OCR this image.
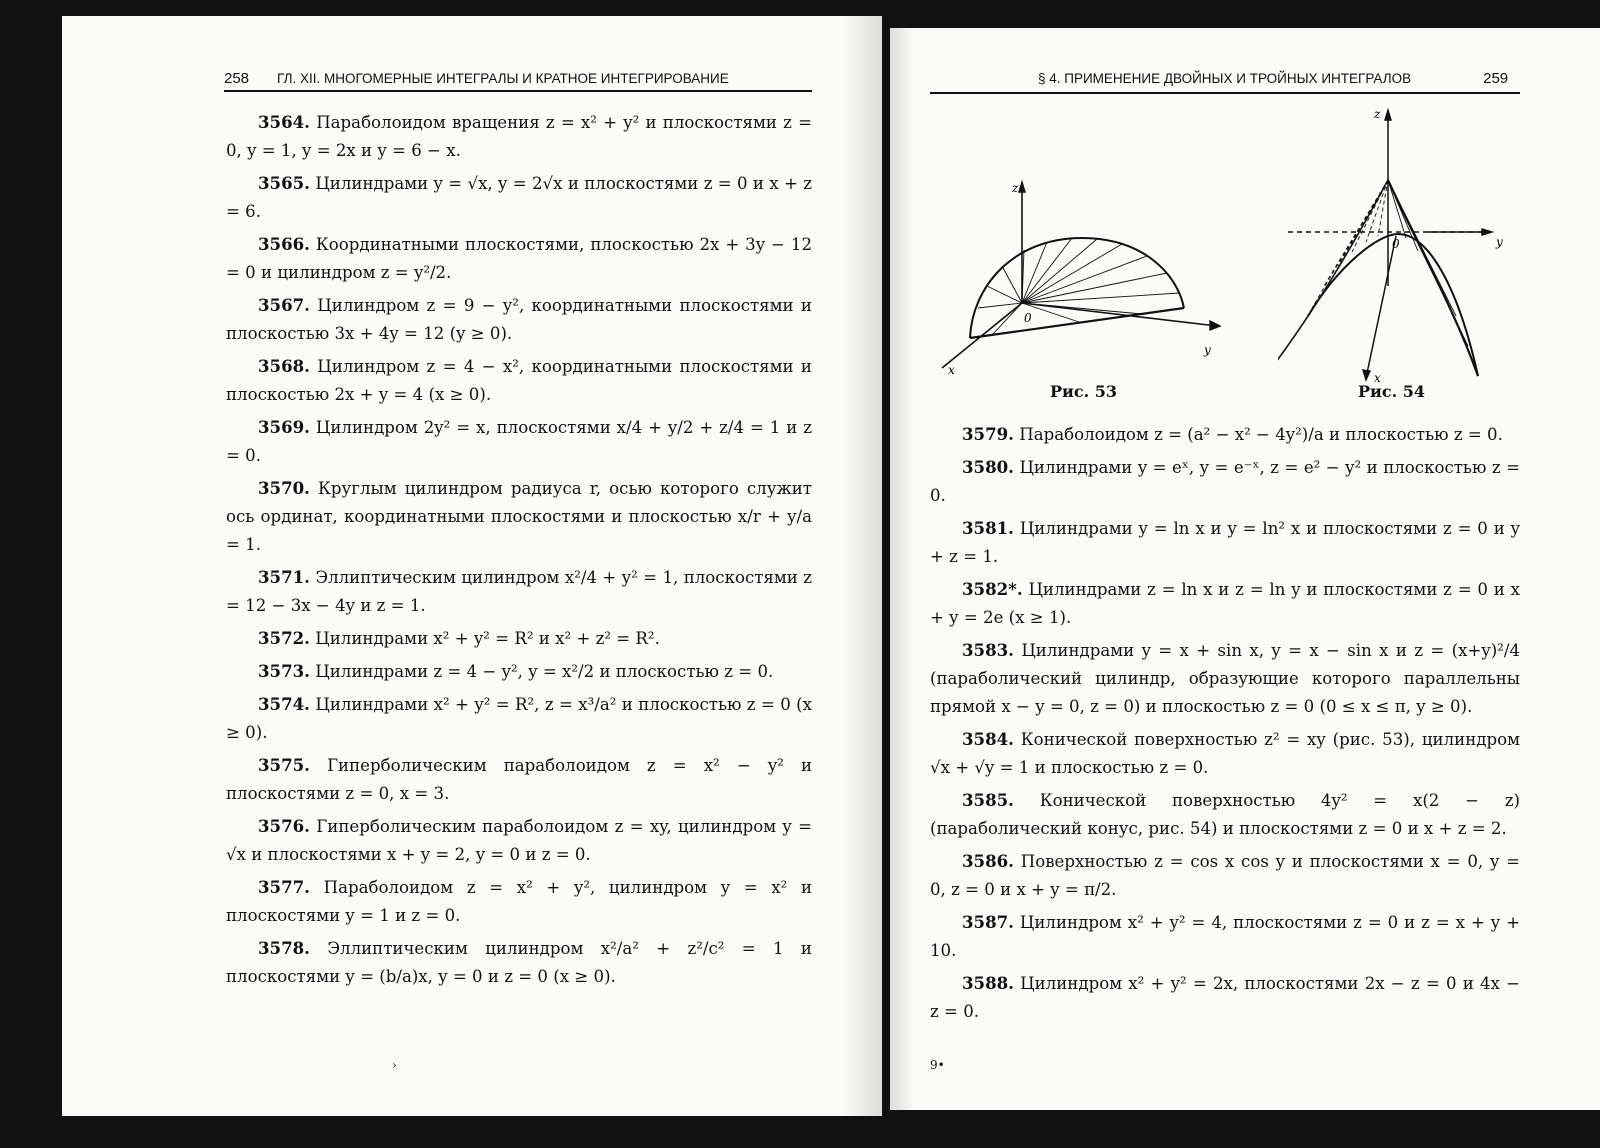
258 ГЛ. XII. МНОГОМЕРНЫЕ ИНТЕГРАЛЫ И КРАТНОЕ ИНТЕГРИРОВАНИЕ

3564. Параболоидом вращения z = x² + y² и плоскостями z = 0, y = 1, y = 2x и y = 6 − x.

3565. Цилиндрами y = √x, y = 2√x и плоскостями z = 0 и x + z = 6.

3566. Координатными плоскостями, плоскостью 2x + 3y − 12 = 0 и цилиндром z = y²/2.

3567. Цилиндром z = 9 − y², координатными плоскостями и плоскостью 3x + 4y = 12 (y ≥ 0).

3568. Цилиндром z = 4 − x², координатными плоскостями и плоскостью 2x + y = 4 (x ≥ 0).

3569. Цилиндром 2y² = x, плоскостями x/4 + y/2 + z/4 = 1 и z = 0.

3570. Круглым цилиндром радиуса r, осью которого служит ось ординат, координатными плоскостями и плоскостью x/r + y/a = 1.

3571. Эллиптическим цилиндром x²/4 + y² = 1, плоскостями z = 12 − 3x − 4y и z = 1.

3572. Цилиндрами x² + y² = R² и x² + z² = R².

3573. Цилиндрами z = 4 − y², y = x²/2 и плоскостью z = 0.

3574. Цилиндрами x² + y² = R², z = x³/a² и плоскостью z = 0 (x ≥ 0).

3575. Гиперболическим параболоидом z = x² − y² и плоскостями z = 0, x = 3.

3576. Гиперболическим параболоидом z = xy, цилиндром y = √x и плоскостями x + y = 2, y = 0 и z = 0.

3577. Параболоидом z = x² + y², цилиндром y = x² и плоскостями y = 1 и z = 0.

3578. Эллиптическим цилиндром x²/a² + z²/c² = 1 и плоскостями y = (b/a)x, y = 0 и z = 0 (x ≥ 0).

›
§ 4. ПРИМЕНЕНИЕ ДВОЙНЫХ И ТРОЙНЫХ ИНТЕГРАЛОВ	259
z
0
y
x
Рис. 53
z
0	y
x
Рис. 54

3579. Параболоидом z = (a² − x² − 4y²)/a и плоскостью z = 0.

3580. Цилиндрами y = eˣ, y = e⁻ˣ, z = e² − y² и плоскостью z = 0.

3581. Цилиндрами y = ln x и y = ln² x и плоскостями z = 0 и y + z = 1.

3582*. Цилиндрами z = ln x и z = ln y и плоскостями z = 0 и x + y = 2e (x ≥ 1).

3583. Цилиндрами y = x + sin x, y = x − sin x и z = (x+y)²/4 (параболический цилиндр, образующие которого параллельны прямой x − y = 0, z = 0) и плоскостью z = 0 (0 ≤ x ≤ π, y ≥ 0).

3584. Конической поверхностью z² = xy (рис. 53), цилиндром √x + √y = 1 и плоскостью z = 0.

3585. Конической поверхностью 4y² = x(2 − z) (параболический конус, рис. 54) и плоскостями z = 0 и x + z = 2.

3586. Поверхностью z = cos x cos y и плоскостями x = 0, y = 0, z = 0 и x + y = π/2.

3587. Цилиндром x² + y² = 4, плоскостями z = 0 и z = x + y + 10.

3588. Цилиндром x² + y² = 2x, плоскостями 2x − z = 0 и 4x − z = 0.

9•
